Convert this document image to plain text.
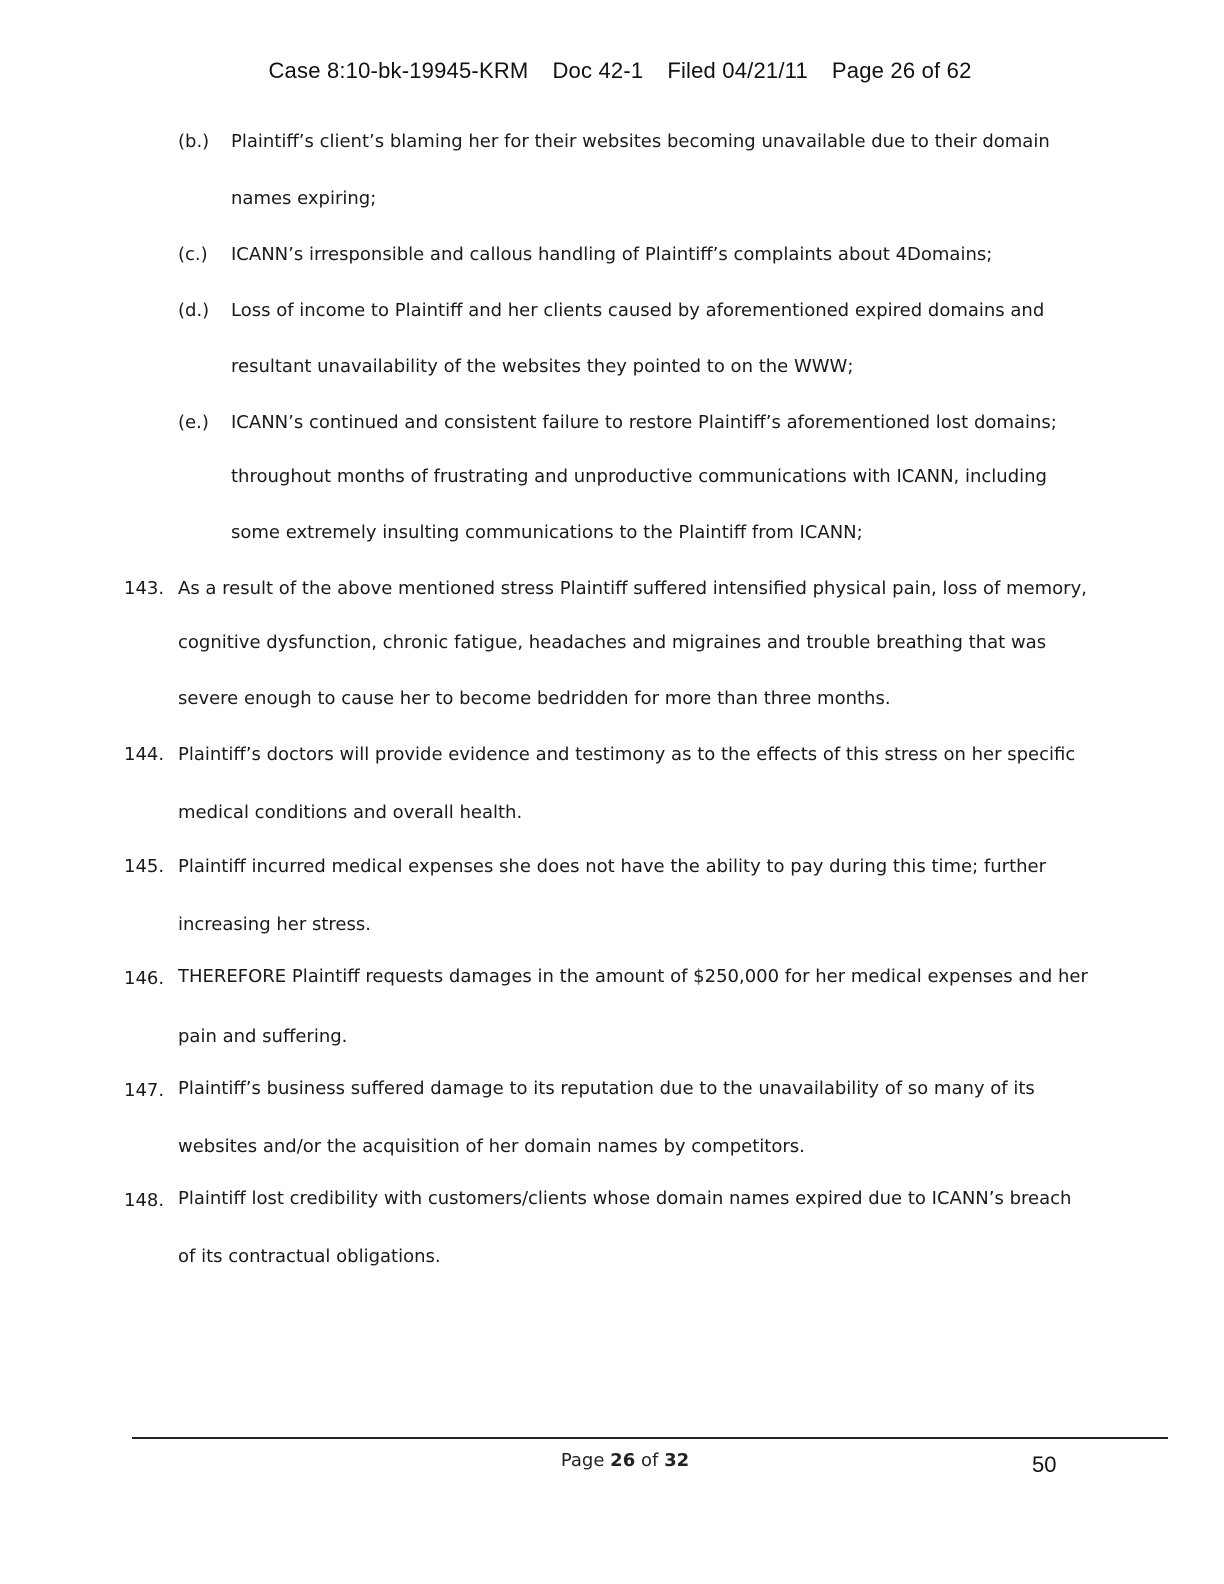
Case 8:10-bk-19945-KRM Doc 42-1 Filed 04/21/11 Page 26 of 62
(b.) Plaintiff’s client’s blaming her for their websites becoming unavailable due to their domain
names expiring;
(c.) ICANN’s irresponsible and callous handling of Plaintiff’s complaints about 4Domains;
(d.) Loss of income to Plaintiff and her clients caused by aforementioned expired domains and
resultant unavailability of the websites they pointed to on the WWW;
(e.) ICANN’s continued and consistent failure to restore Plaintiff’s aforementioned lost domains;
throughout months of frustrating and unproductive communications with ICANN, including
some extremely insulting communications to the Plaintiff from ICANN;
143. As a result of the above mentioned stress Plaintiff suffered intensified physical pain, loss of memory,
cognitive dysfunction, chronic fatigue, headaches and migraines and trouble breathing that was
severe enough to cause her to become bedridden for more than three months.
144. Plaintiff’s doctors will provide evidence and testimony as to the effects of this stress on her specific
medical conditions and overall health.
145. Plaintiff incurred medical expenses she does not have the ability to pay during this time; further
increasing her stress.
146. THEREFORE Plaintiff requests damages in the amount of $250,000 for her medical expenses and her
pain and suffering.
147. Plaintiff’s business suffered damage to its reputation due to the unavailability of so many of its
websites and/or the acquisition of her domain names by competitors.
148. Plaintiff lost credibility with customers/clients whose domain names expired due to ICANN’s breach
of its contractual obligations.
Page 26 of 32	50
